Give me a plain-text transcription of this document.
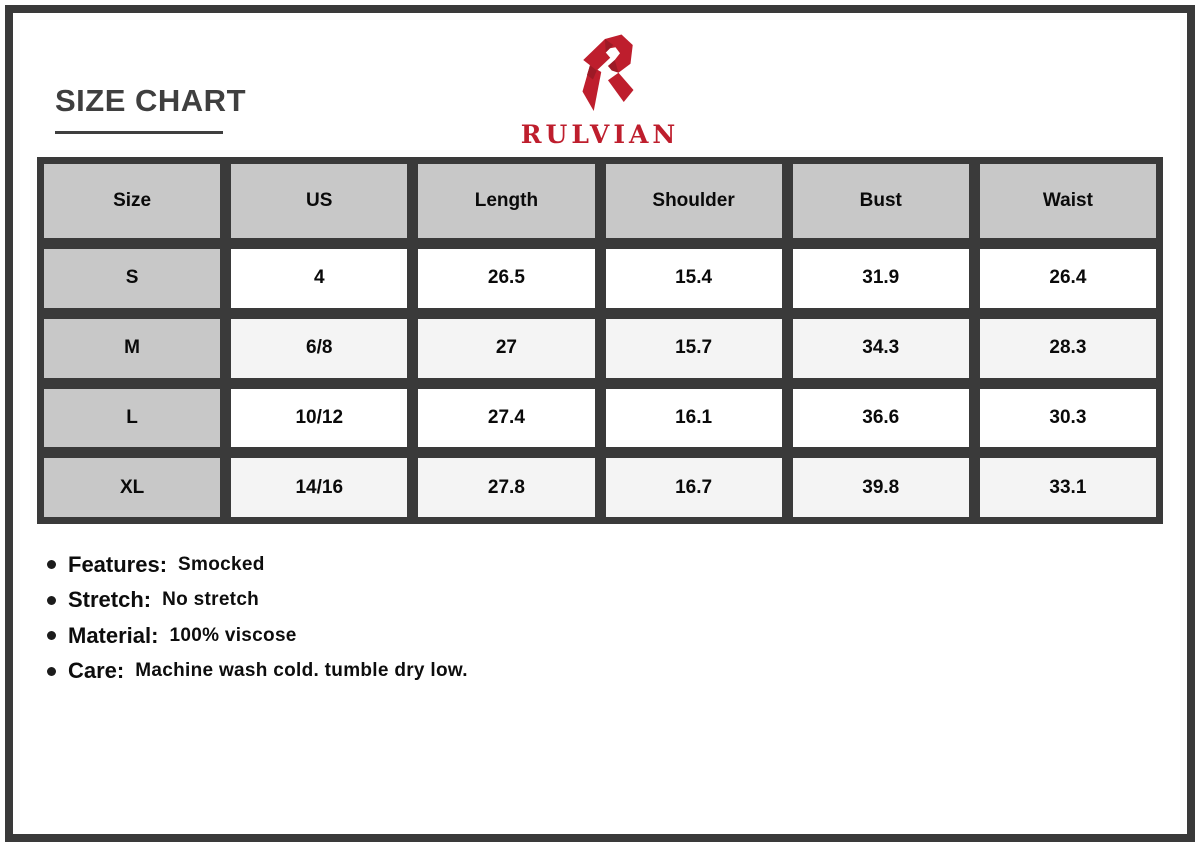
SIZE CHART
RULVIAN
Size	US	Length	Shoulder	Bust	Waist
S	4	26.5	15.4	31.9	26.4
M	6/8	27	15.7	34.3	28.3
L	10/12	27.4	16.1	36.6	30.3
XL	14/16	27.8	16.7	39.8	33.1
Features: Smocked
Stretch: No stretch
Material: 100% viscose
Care: Machine wash cold. tumble dry low.
